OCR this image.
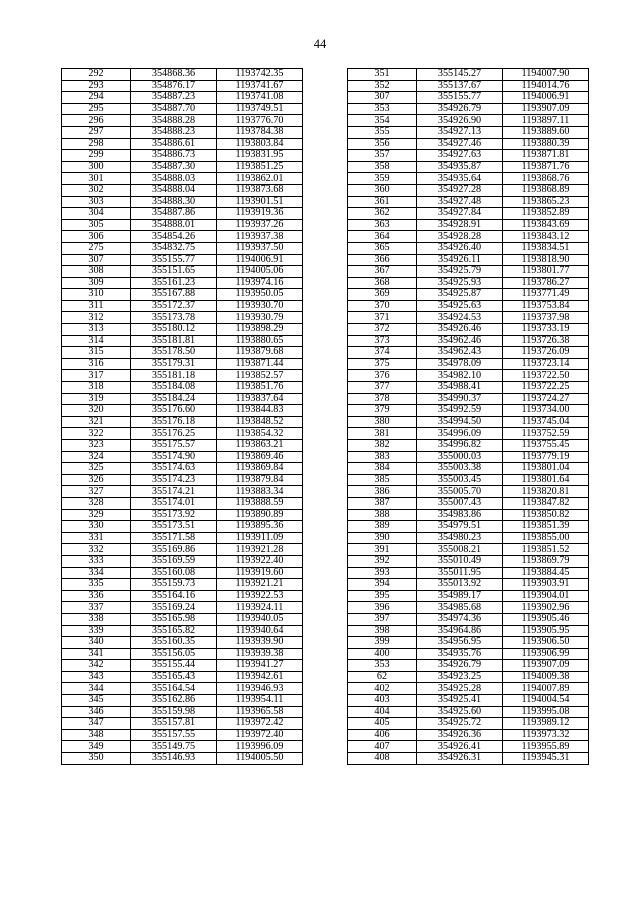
44
292	354868.36	1193742.35
293	354876.17	1193741.67
294	354887.23	1193741.08
295	354887.70	1193749.51
296	354888.28	1193776.70
297	354888.23	1193784.38
298	354886.61	1193803.84
299	354886.73	1193831.95
300	354887.30	1193851.25
301	354888.03	1193862.01
302	354888.04	1193873.68
303	354888.30	1193901.51
304	354887.86	1193919.36
305	354888.01	1193937.26
306	354854.26	1193937.38
275	354832.75	1193937.50
307	355155.77	1194006.91
308	355151.65	1194005.06
309	355161.23	1193974.16
310	355167.88	1193950.05
311	355172.37	1193930.70
312	355173.78	1193930.79
313	355180.12	1193898.29
314	355181.81	1193880.65
315	355178.50	1193879.68
316	355179.31	1193871.44
317	355181.18	1193852.57
318	355184.08	1193851.76
319	355184.24	1193837.64
320	355176.60	1193844.83
321	355176.18	1193848.52
322	355176.25	1193854.32
323	355175.57	1193863.21
324	355174.90	1193869.46
325	355174.63	1193869.84
326	355174.23	1193879.84
327	355174.21	1193883.34
328	355174.01	1193888.59
329	355173.92	1193890.89
330	355173.51	1193895.36
331	355171.58	1193911.09
332	355169.86	1193921.28
333	355169.59	1193922.40
334	355160.08	1193919.60
335	355159.73	1193921.21
336	355164.16	1193922.53
337	355169.24	1193924.11
338	355165.98	1193940.05
339	355165.82	1193940.64
340	355160.35	1193939.90
341	355156.05	1193939.38
342	355155.44	1193941.27
343	355165.43	1193942.61
344	355164.54	1193946.93
345	355162.86	1193954.11
346	355159.98	1193965.58
347	355157.81	1193972.42
348	355157.55	1193972.40
349	355149.75	1193996.09
350	355146.93	1194005.50
351	355145.27	1194007.90
352	355137.67	1194014.76
307	355155.77	1194006.91
353	354926.79	1193907.09
354	354926.90	1193897.11
355	354927.13	1193889.60
356	354927.46	1193880.39
357	354927.63	1193871.81
358	354935.87	1193871.76
359	354935.64	1193868.76
360	354927.28	1193868.89
361	354927.48	1193865.23
362	354927.84	1193852.89
363	354928.91	1193843.69
364	354928.28	1193843.12
365	354926.40	1193834.51
366	354926.11	1193818.90
367	354925.79	1193801.77
368	354925.93	1193786.27
369	354925.87	1193771.49
370	354925.63	1193753.84
371	354924.53	1193737.98
372	354926.46	1193733.19
373	354962.46	1193726.38
374	354962.43	1193726.09
375	354978.09	1193723.14
376	354982.10	1193722.50
377	354988.41	1193722.25
378	354990.37	1193724.27
379	354992.59	1193734.00
380	354994.50	1193745.04
381	354996.09	1193752.59
382	354996.82	1193755.45
383	355000.03	1193779.19
384	355003.38	1193801.04
385	355003.45	1193801.64
386	355005.70	1193820.81
387	355007.43	1193847.82
388	354983.86	1193850.82
389	354979.51	1193851.39
390	354980.23	1193855.00
391	355008.21	1193851.52
392	355010.49	1193869.79
393	355011.95	1193884.45
394	355013.92	1193903.91
395	354989.17	1193904.01
396	354985.68	1193902.96
397	354974.36	1193905.46
398	354964.86	1193905.95
399	354956.95	1193906.50
400	354935.76	1193906.99
353	354926.79	1193907.09
62	354923.25	1194009.38
402	354925.28	1194007.89
403	354925.41	1194004.54
404	354925.60	1193995.08
405	354925.72	1193989.12
406	354926.36	1193973.32
407	354926.41	1193955.89
408	354926.31	1193945.31
